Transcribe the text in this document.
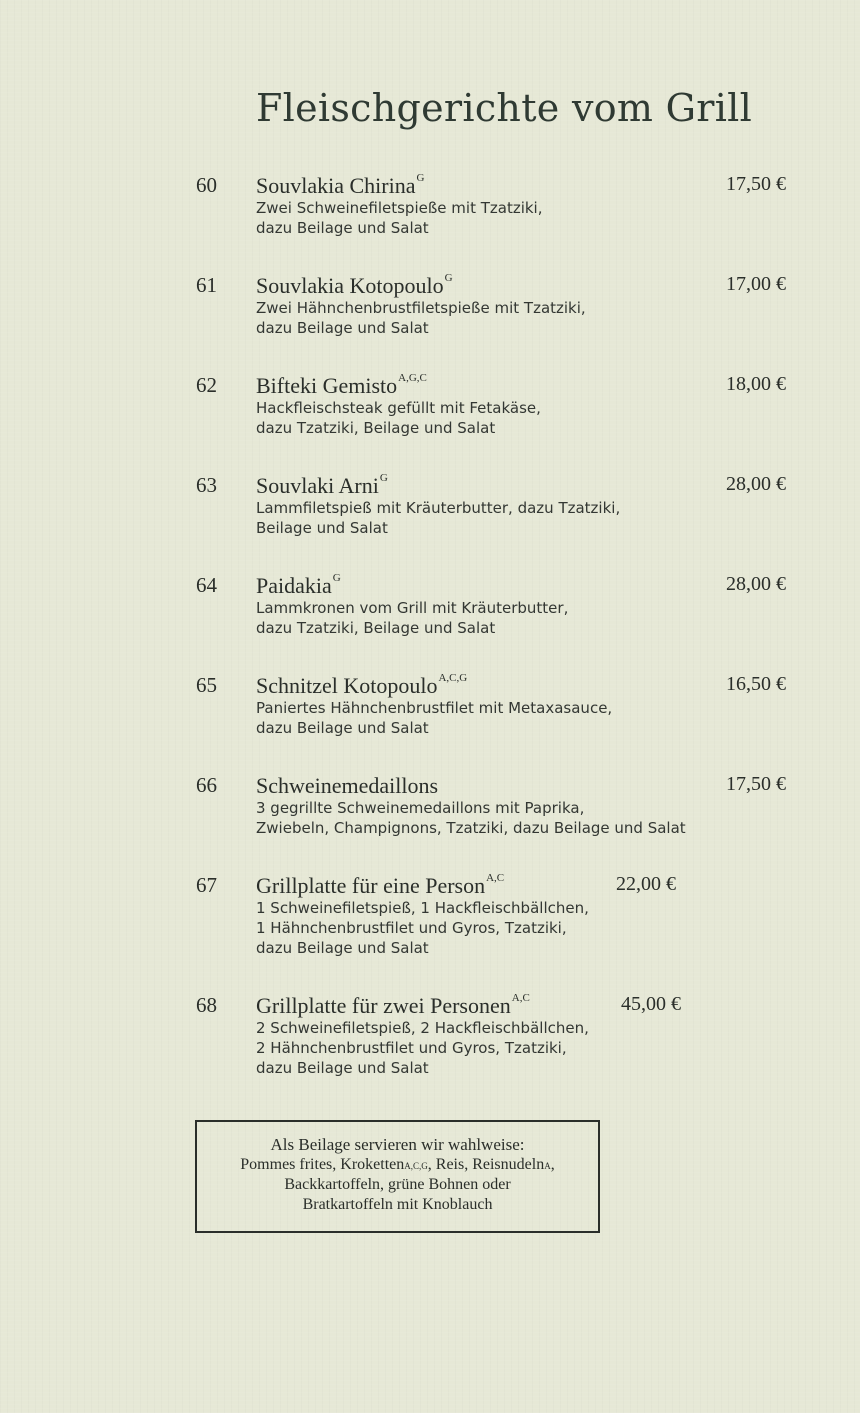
Fleischgerichte vom Grill
60 Souvlakia Chirina$^G$	17,50 €
Zwei Schweinefiletspieße mit Tzatziki,
dazu Beilage und Salat
61 Souvlakia Kotopoulo$^G$	17,00 €
Zwei Hähnchenbrustfiletspieße mit Tzatziki,
dazu Beilage und Salat
62 Bifteki Gemisto$^{A,G,C}$	18,00 €
Hackfleischsteak gefüllt mit Fetakäse,
dazu Tzatziki, Beilage und Salat
63 Souvlaki Arni$^G$	28,00 €
Lammfiletspieß mit Kräuterbutter, dazu Tzatziki,
Beilage und Salat
64 Paidakia$^G$	28,00 €
Lammkronen vom Grill mit Kräuterbutter,
dazu Tzatziki, Beilage und Salat
65 Schnitzel Kotopoulo$^{A,C,G}$	16,50 €
Paniertes Hähnchenbrustfilet mit Metaxasauce,
dazu Beilage und Salat
66 Schweinemedaillons	17,50 €
3 gegrillte Schweinemedaillons mit Paprika,
Zwiebeln, Champignons, Tzatziki, dazu Beilage und Salat
67 Grillplatte für eine Person$^{A,C}$	22,00 €
1 Schweinefiletspieß, 1 Hackfleischbällchen,
1 Hähnchenbrustfilet und Gyros, Tzatziki,
dazu Beilage und Salat
68 Grillplatte für zwei Personen$^{A,C}$	45,00 €
2 Schweinefiletspieß, 2 Hackfleischbällchen,
2 Hähnchenbrustfilet und Gyros, Tzatziki,
dazu Beilage und Salat
Als Beilage servieren wir wahlweise:
Pommes frites, Kroketten$^{A,C,G}$, Reis, Reisnudeln$^A$,
Backkartoffeln, grüne Bohnen oder
Bratkartoffeln mit Knoblauch
